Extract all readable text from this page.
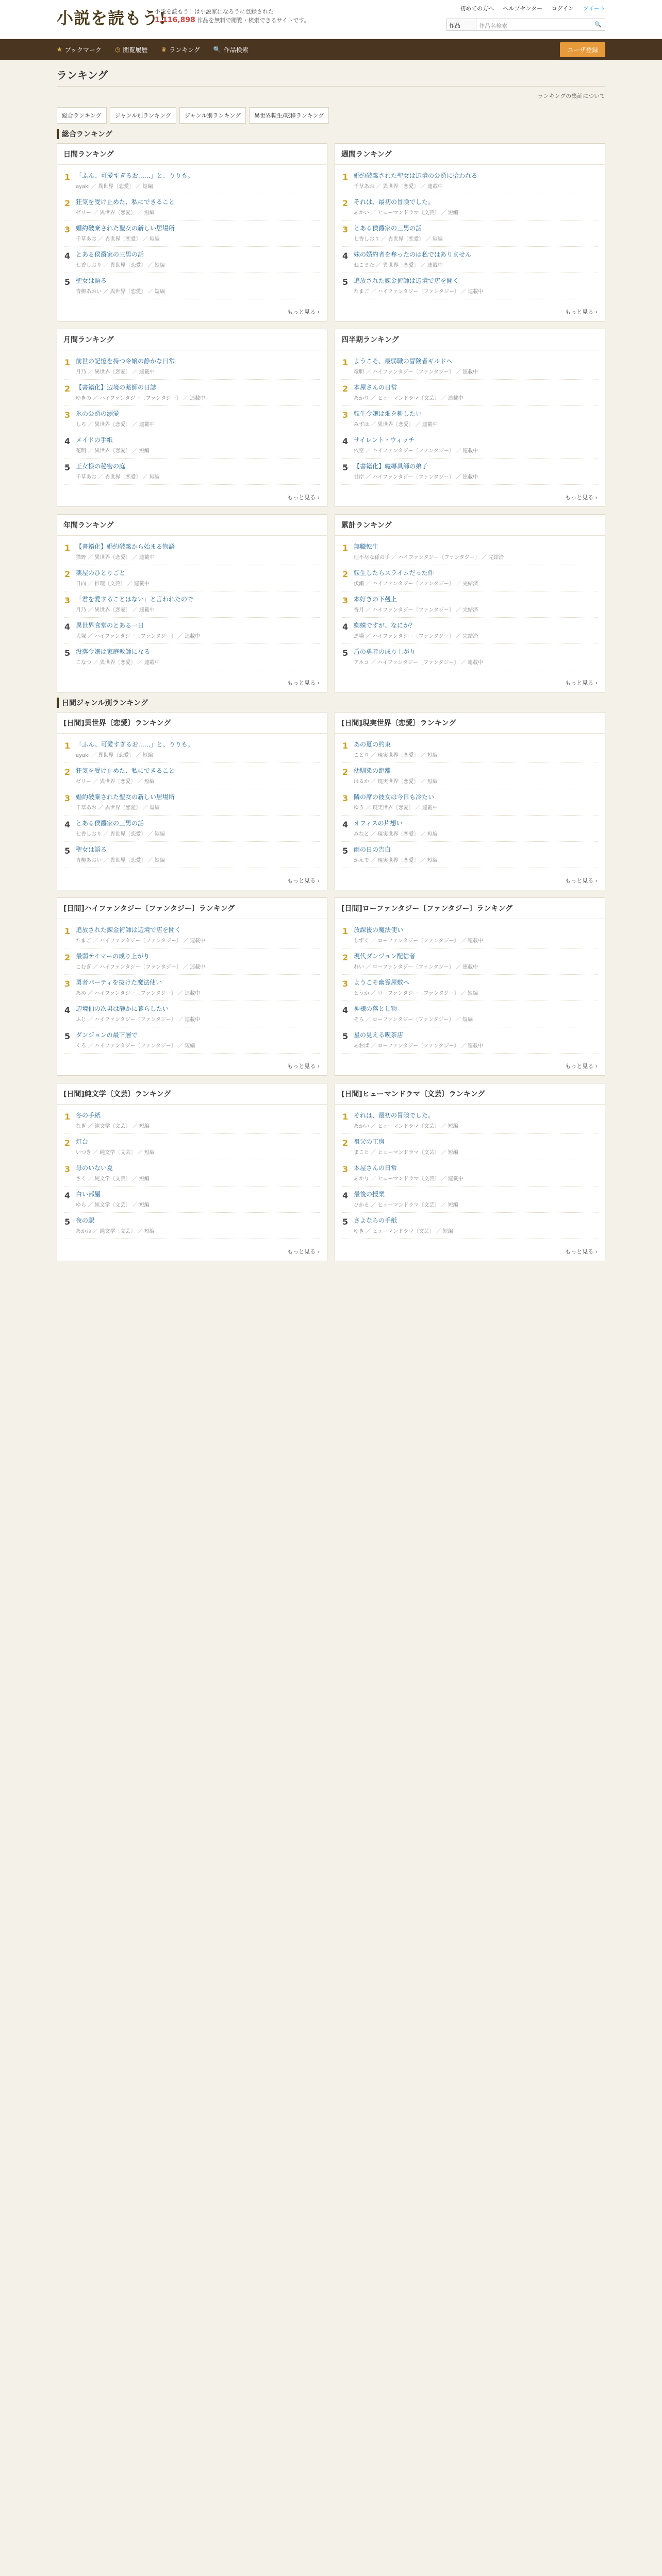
小説を読もう!
小説を読もう！は小説家になろうに登録された
1,116,898 作品を無料で閲覧・検索できるサイトです。
初めての方へ ヘルプセンター ログイン ツイート
作品	作品名検索	🔍
★ ブックマーク ◷ 閲覧履歴 ♛ ランキング 🔍 作品検索	ユーザ登録
ランキング
ランキングの集計について
総合ランキング	ジャンル別ランキング	ジャンル別ランキング	異世界転生/転移ランキング
総合ランキング
日間ランキング
1 「ふん、可愛すぎるお……」と、りりも。
ayaki ／ 異世界〔恋愛〕 ／ 短編
2 狂気を受け止めた、私にできること
ゼリー ／ 異世界〔恋愛〕 ／ 短編
3 婚約破棄された聖女の新しい居場所
千草あお ／ 異世界〔恋愛〕 ／ 短編
4 とある侯爵家の三男の話
七香しおり ／ 異世界〔恋愛〕 ／ 短編
5 聖女は語る
青柳あおい ／ 異世界〔恋愛〕 ／ 短編
もっと見る ›
週間ランキング
1 婚約破棄された聖女は辺境の公爵に拾われる
千草あお ／ 異世界〔恋愛〕 ／ 連載中
2 それは、最初の冒険でした。
あかい ／ ヒューマンドラマ〔文芸〕 ／ 短編
3 とある侯爵家の三男の話
七香しおり ／ 異世界〔恋愛〕 ／ 短編
4 妹の婚約者を奪ったのは私ではありません
ねこまた ／ 異世界〔恋愛〕 ／ 連載中
5 追放された錬金術師は辺境で店を開く
たまご ／ ハイファンタジー〔ファンタジー〕 ／ 連載中
もっと見る ›
月間ランキング
1 前世の記憶を持つ令嬢の静かな日常
月乃 ／ 異世界〔恋愛〕 ／ 連載中
2 【書籍化】辺境の薬師の日誌
ゆきの ／ ハイファンタジー〔ファンタジー〕 ／ 連載中
3 氷の公爵の溺愛
しろ ／ 異世界〔恋愛〕 ／ 連載中
4 メイドの手紙
花明 ／ 異世界〔恋愛〕 ／ 短編
5 王女様の秘密の庭
千草あお ／ 異世界〔恋愛〕 ／ 短編
もっと見る ›
四半期ランキング
1 ようこそ、最弱職の冒険者ギルドへ
竜胆 ／ ハイファンタジー〔ファンタジー〕 ／ 連載中
2 本屋さんの日常
あかり ／ ヒューマンドラマ〔文芸〕 ／ 連載中
3 転生令嬢は畑を耕したい
みずは ／ 異世界〔恋愛〕 ／ 連載中
4 サイレント・ウィッチ
依空 ／ ハイファンタジー〔ファンタジー〕 ／ 連載中
5 【書籍化】魔導具師の弟子
甘岸 ／ ハイファンタジー〔ファンタジー〕 ／ 連載中
もっと見る ›
年間ランキング
1 【書籍化】婚約破棄から始まる物語
猫野 ／ 異世界〔恋愛〕 ／ 連載中
2 薬屋のひとりごと
日向 ／ 推理〔文芸〕 ／ 連載中
3 「君を愛することはない」と言われたので
月乃 ／ 異世界〔恋愛〕 ／ 連載中
4 異世界食堂のとある一日
犬塚 ／ ハイファンタジー〔ファンタジー〕 ／ 連載中
5 没落令嬢は家庭教師になる
こなつ ／ 異世界〔恋愛〕 ／ 連載中
もっと見る ›
累計ランキング
1 無職転生
理不尽な孫の手 ／ ハイファンタジー〔ファンタジー〕 ／ 完結済
2 転生したらスライムだった件
伏瀬 ／ ハイファンタジー〔ファンタジー〕 ／ 完結済
3 本好きの下剋上
香月 ／ ハイファンタジー〔ファンタジー〕 ／ 完結済
4 蜘蛛ですが、なにか？
馬場 ／ ハイファンタジー〔ファンタジー〕 ／ 完結済
5 盾の勇者の成り上がり
アネコ ／ ハイファンタジー〔ファンタジー〕 ／ 連載中
もっと見る ›
日間ジャンル別ランキング
[日間]異世界〔恋愛〕ランキング
1 「ふん、可愛すぎるお……」と、りりも。
ayaki ／ 異世界〔恋愛〕 ／ 短編
2 狂気を受け止めた、私にできること
ゼリー ／ 異世界〔恋愛〕 ／ 短編
3 婚約破棄された聖女の新しい居場所
千草あお ／ 異世界〔恋愛〕 ／ 短編
4 とある侯爵家の三男の話
七香しおり ／ 異世界〔恋愛〕 ／ 短編
5 聖女は語る
青柳あおい ／ 異世界〔恋愛〕 ／ 短編
もっと見る ›
[日間]現実世界〔恋愛〕ランキング
1 あの夏の約束
ことり ／ 現実世界〔恋愛〕 ／ 短編
2 幼馴染の距離
はるか ／ 現実世界〔恋愛〕 ／ 短編
3 隣の席の彼女は今日も冷たい
ゆう ／ 現実世界〔恋愛〕 ／ 連載中
4 オフィスの片想い
みなと ／ 現実世界〔恋愛〕 ／ 短編
5 雨の日の告白
かえで ／ 現実世界〔恋愛〕 ／ 短編
もっと見る ›
[日間]ハイファンタジー〔ファンタジー〕ランキング
1 追放された錬金術師は辺境で店を開く
たまご ／ ハイファンタジー〔ファンタジー〕 ／ 連載中
2 最弱テイマーの成り上がり
こむぎ ／ ハイファンタジー〔ファンタジー〕 ／ 連載中
3 勇者パーティを抜けた魔法使い
あめ ／ ハイファンタジー〔ファンタジー〕 ／ 連載中
4 辺境伯の次男は静かに暮らしたい
ふじ ／ ハイファンタジー〔ファンタジー〕 ／ 連載中
5 ダンジョンの最下層で
くろ ／ ハイファンタジー〔ファンタジー〕 ／ 短編
もっと見る ›
[日間]ローファンタジー〔ファンタジー〕ランキング
1 放課後の魔法使い
しずく ／ ローファンタジー〔ファンタジー〕 ／ 連載中
2 現代ダンジョン配信者
れい ／ ローファンタジー〔ファンタジー〕 ／ 連載中
3 ようこそ幽霊屋敷へ
とうか ／ ローファンタジー〔ファンタジー〕 ／ 短編
4 神様の落とし物
そら ／ ローファンタジー〔ファンタジー〕 ／ 短編
5 星の見える喫茶店
あおば ／ ローファンタジー〔ファンタジー〕 ／ 連載中
もっと見る ›
[日間]純文学〔文芸〕ランキング
1 冬の手紙
なぎ ／ 純文学〔文芸〕 ／ 短編
2 灯台
いつき ／ 純文学〔文芸〕 ／ 短編
3 母のいない夏
さく ／ 純文学〔文芸〕 ／ 短編
4 白い部屋
ゆら ／ 純文学〔文芸〕 ／ 短編
5 夜の駅
あかね ／ 純文学〔文芸〕 ／ 短編
もっと見る ›
[日間]ヒューマンドラマ〔文芸〕ランキング
1 それは、最初の冒険でした。
あかい ／ ヒューマンドラマ〔文芸〕 ／ 短編
2 祖父の工房
まこと ／ ヒューマンドラマ〔文芸〕 ／ 短編
3 本屋さんの日常
あかり ／ ヒューマンドラマ〔文芸〕 ／ 連載中
4 最後の授業
ひかる ／ ヒューマンドラマ〔文芸〕 ／ 短編
5 さよならの手紙
ゆき ／ ヒューマンドラマ〔文芸〕 ／ 短編
もっと見る ›
